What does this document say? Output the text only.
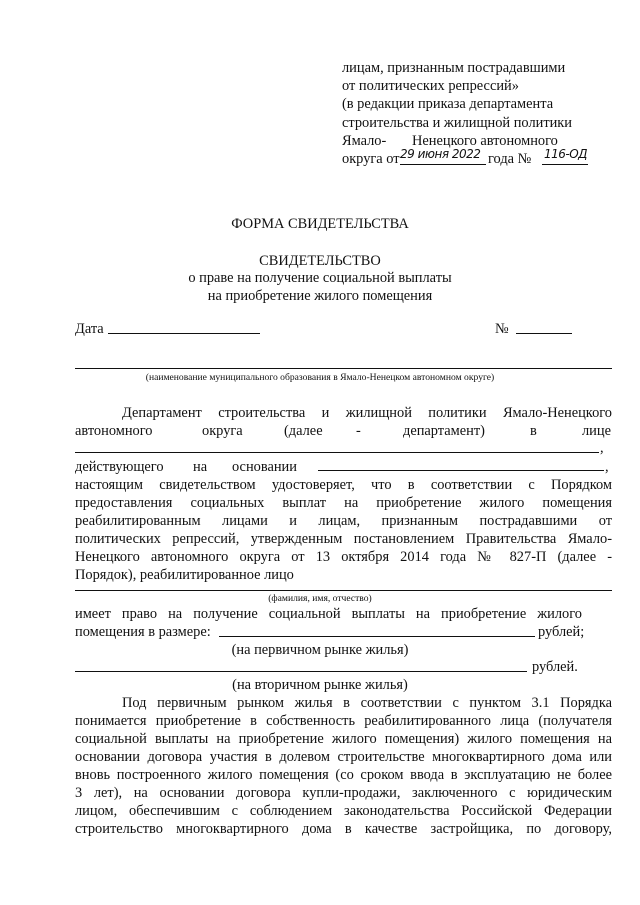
лицам, признанным пострадавшими
от политических репрессий»
(в редакции приказа департамента
строительства и жилищной политики
Ямало- Ненецкого автономного
округа от 29 июня 2022 года № 116-ОД
ФОРМА СВИДЕТЕЛЬСТВА
СВИДЕТЕЛЬСТВО
о праве на получение социальной выплаты
на приобретение жилого помещения
Дата	№
(наименование муниципального образования в Ямало-Ненецком автономном округе)
Департамент строительства и жилищной политики Ямало-Ненецкого
автономного	округа	(далее -	департамент)	в	лице
,
действующего на основании	,
настоящим свидетельством удостоверяет, что в соответствии с Порядком
предоставления социальных выплат на приобретение жилого помещения
реабилитированным лицами и лицам, признанным пострадавшими от
политических репрессий, утвержденным постановлением Правительства Ямало-
Ненецкого автономного округа от 13 октября 2014 года № 827-П (далее -
Порядок), реабилитированное лицо
(фамилия, имя, отчество)
имеет право на получение социальной выплаты на приобретение жилого
помещения в размере:	рублей;
(на первичном рынке жилья)
рублей.
(на вторичном рынке жилья)
Под первичным рынком жилья в соответствии с пунктом 3.1 Порядка
понимается приобретение в собственность реабилитированного лица (получателя
социальной выплаты на приобретение жилого помещения) жилого помещения на
основании договора участия в долевом строительстве многоквартирного дома или
вновь построенного жилого помещения (со сроком ввода в эксплуатацию не более
3 лет), на основании договора купли-продажи, заключенного с юридическим
лицом, обеспечившим с соблюдением законодательства Российской Федерации
строительство многоквартирного дома в качестве застройщика, по договору,
